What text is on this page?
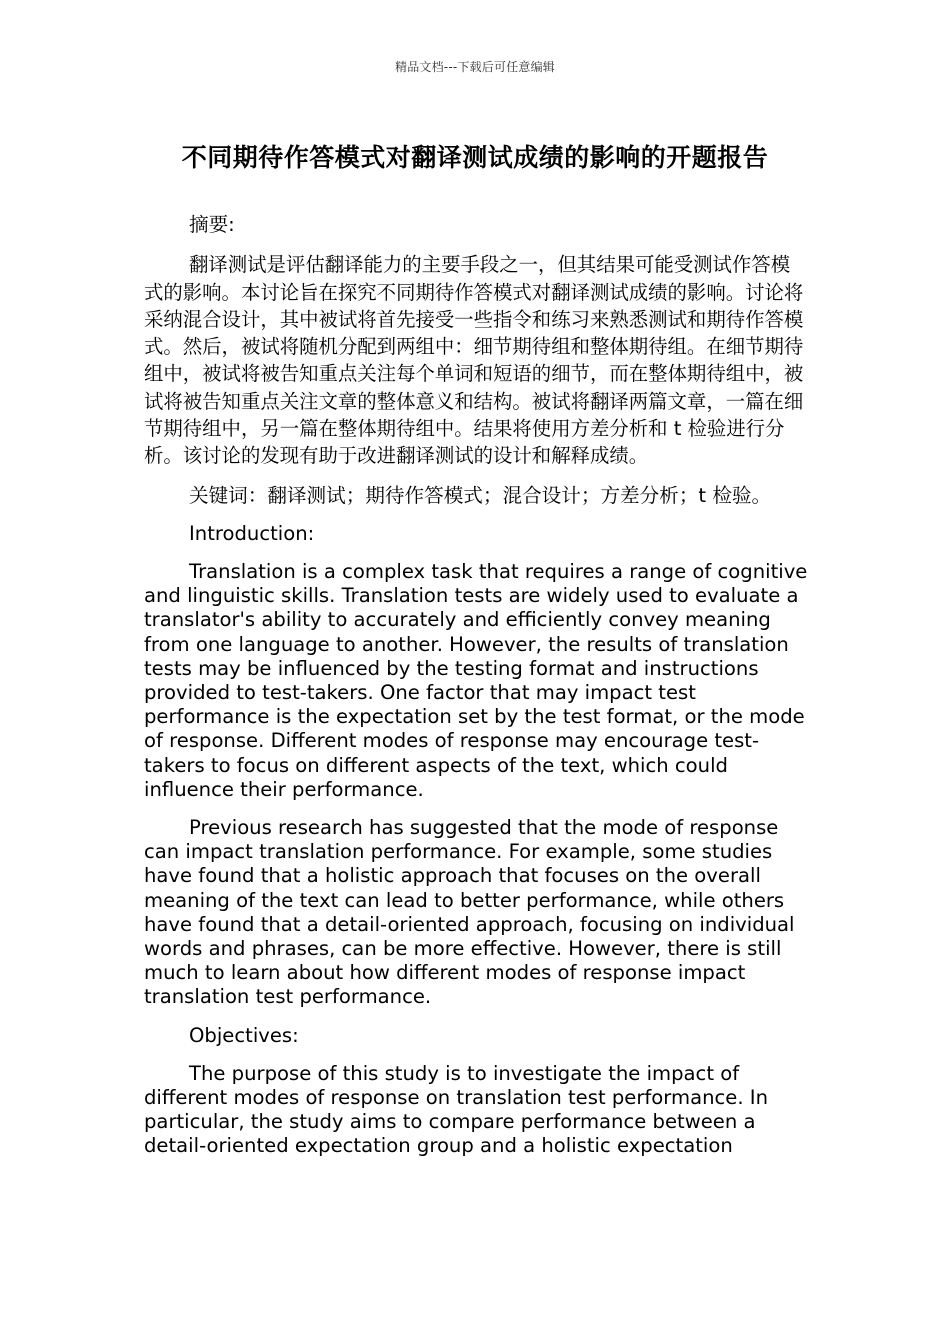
精品文档---下载后可任意编辑
不同期待作答模式对翻译测试成绩的影响的开题报告

摘要:

翻译测试是评估翻译能力的主要手段之一，但其结果可能受测试作答模式的影响。本讨论旨在探究不同期待作答模式对翻译测试成绩的影响。讨论将采纳混合设计，其中被试将首先接受一些指令和练习来熟悉测试和期待作答模式。然后，被试将随机分配到两组中：细节期待组和整体期待组。在细节期待组中，被试将被告知重点关注每个单词和短语的细节，而在整体期待组中，被试将被告知重点关注文章的整体意义和结构。被试将翻译两篇文章，一篇在细节期待组中，另一篇在整体期待组中。结果将使用方差分析和 t 检验进行分析。该讨论的发现有助于改进翻译测试的设计和解释成绩。

关键词：翻译测试；期待作答模式；混合设计；方差分析；t 检验。

Introduction:

Translation is a complex task that requires a range of cognitive and linguistic skills. Translation tests are widely used to evaluate a translator's ability to accurately and efficiently convey meaning from one language to another. However, the results of translation tests may be influenced by the testing format and instructions provided to test-takers. One factor that may impact test performance is the expectation set by the test format, or the mode of response. Different modes of response may encourage test-takers to focus on different aspects of the text, which could influence their performance.

Previous research has suggested that the mode of response can impact translation performance. For example, some studies have found that a holistic approach that focuses on the overall meaning of the text can lead to better performance, while others have found that a detail-oriented approach, focusing on individual words and phrases, can be more effective. However, there is still much to learn about how different modes of response impact translation test performance.

Objectives:

The purpose of this study is to investigate the impact of different modes of response on translation test performance. In particular, the study aims to compare performance between a detail-oriented expectation group and a holistic expectation
